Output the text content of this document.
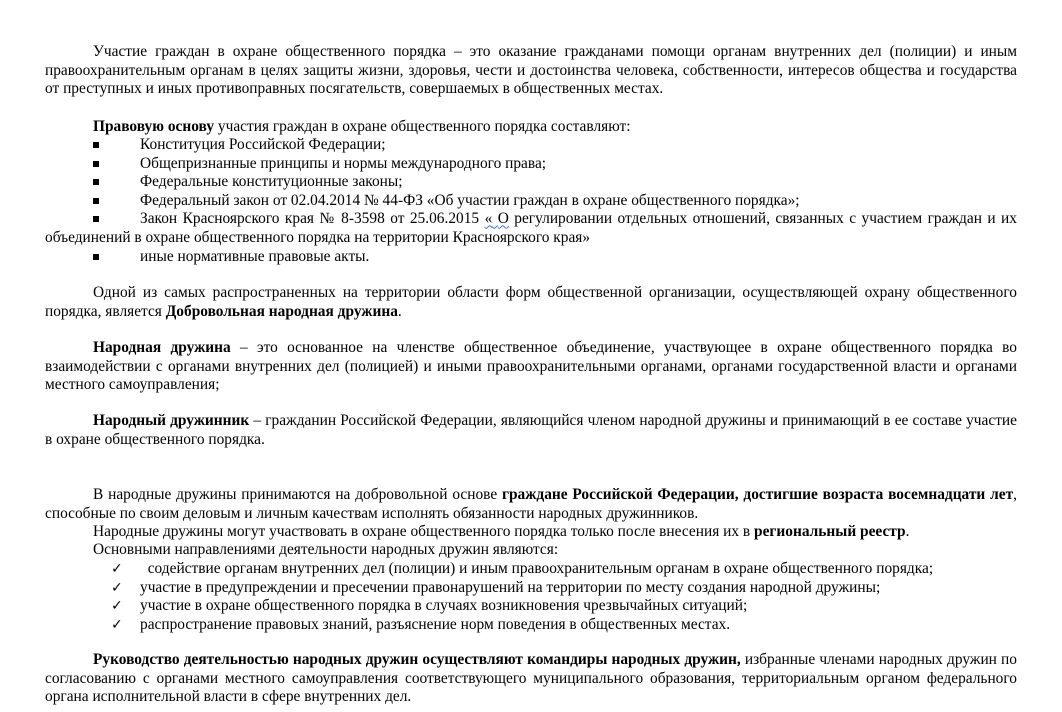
Участие граждан в охране общественного порядка – это оказание гражданами помощи органам внутренних дел (полиции) и иным правоохранительным органам в целях защиты жизни, здоровья, чести и достоинства человека, собственности, интересов общества и государства от преступных и иных противоправных посягательств, совершаемых в общественных местах.

Правовую основу участия граждан в охране общественного порядка составляют:

Конституция Российской Федерации;
Общепризнанные принципы и нормы международного права;
Федеральные конституционные законы;
Федеральный закон от 02.04.2014 № 44-ФЗ «Об участии граждан в охране общественного порядка»;
Закон Красноярского края № 8-3598 от 25.06.2015 « О регулировании отдельных отношений, связанных с участием граждан и их объединений в охране общественного порядка на территории Красноярского края»
иные нормативные правовые акты.

Одной из самых распространенных на территории области форм общественной организации, осуществляющей охрану общественного порядка, является Добровольная народная дружина.

Народная дружина – это основанное на членстве общественное объединение, участвующее в охране общественного порядка во взаимодействии с органами внутренних дел (полицией) и иными правоохранительными органами, органами государственной власти и органами местного самоуправления;

Народный дружинник – гражданин Российской Федерации, являющийся членом народной дружины и принимающий в ее составе участие в охране общественного порядка.

В народные дружины принимаются на добровольной основе граждане Российской Федерации, достигшие возраста восемнадцати лет, способные по своим деловым и личным качествам исполнять обязанности народных дружинников.

Народные дружины могут участвовать в охране общественного порядка только после внесения их в региональный реестр.

Основными направлениями деятельности народных дружин являются:

✓ содействие органам внутренних дел (полиции) и иным правоохранительным органам в охране общественного порядка;
✓ участие в предупреждении и пресечении правонарушений на территории по месту создания народной дружины;
✓ участие в охране общественного порядка в случаях возникновения чрезвычайных ситуаций;
✓ распространение правовых знаний, разъяснение норм поведения в общественных местах.

Руководство деятельностью народных дружин осуществляют командиры народных дружин, избранные членами народных дружин по согласованию с органами местного самоуправления соответствующего муниципального образования, территориальным органом федерального органа исполнительной власти в сфере внутренних дел.
